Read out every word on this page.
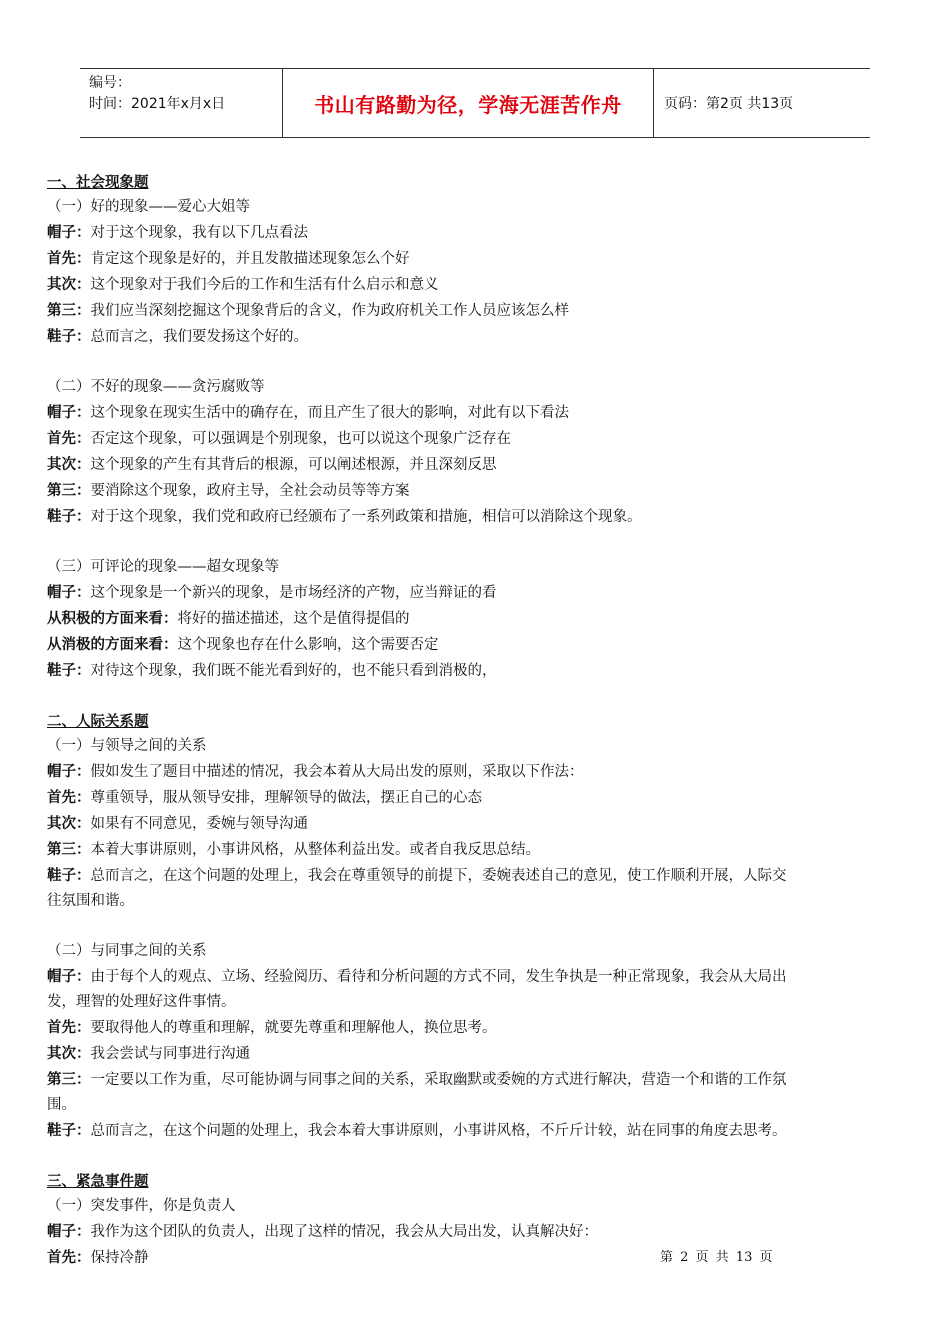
编号：
时间：2021年x月x日	书山有路勤为径，学海无涯苦作舟	页码：第2页 共13页
一、社会现象题
（一）好的现象——爱心大姐等
帽子：对于这个现象，我有以下几点看法
首先：肯定这个现象是好的，并且发散描述现象怎么个好
其次：这个现象对于我们今后的工作和生活有什么启示和意义
第三：我们应当深刻挖掘这个现象背后的含义，作为政府机关工作人员应该怎么样
鞋子：总而言之，我们要发扬这个好的。
（二）不好的现象——贪污腐败等
帽子：这个现象在现实生活中的确存在，而且产生了很大的影响，对此有以下看法
首先：否定这个现象，可以强调是个别现象，也可以说这个现象广泛存在
其次：这个现象的产生有其背后的根源，可以阐述根源，并且深刻反思
第三：要消除这个现象，政府主导，全社会动员等等方案
鞋子：对于这个现象，我们党和政府已经颁布了一系列政策和措施，相信可以消除这个现象。
（三）可评论的现象——超女现象等
帽子：这个现象是一个新兴的现象，是市场经济的产物，应当辩证的看
从积极的方面来看：将好的描述描述，这个是值得提倡的
从消极的方面来看：这个现象也存在什么影响，这个需要否定
鞋子：对待这个现象，我们既不能光看到好的，也不能只看到消极的，
二、人际关系题
（一）与领导之间的关系
帽子：假如发生了题目中描述的情况，我会本着从大局出发的原则，采取以下作法：
首先：尊重领导，服从领导安排，理解领导的做法，摆正自己的心态
其次：如果有不同意见，委婉与领导沟通
第三：本着大事讲原则，小事讲风格，从整体利益出发。或者自我反思总结。
鞋子：总而言之，在这个问题的处理上，我会在尊重领导的前提下，委婉表述自己的意见，使工作顺利开展，人际交
往氛围和谐。
（二）与同事之间的关系
帽子：由于每个人的观点、立场、经验阅历、看待和分析问题的方式不同，发生争执是一种正常现象，我会从大局出
发，理智的处理好这件事情。
首先：要取得他人的尊重和理解，就要先尊重和理解他人，换位思考。
其次：我会尝试与同事进行沟通
第三：一定要以工作为重，尽可能协调与同事之间的关系，采取幽默或委婉的方式进行解决，营造一个和谐的工作氛
围。
鞋子：总而言之，在这个问题的处理上，我会本着大事讲原则，小事讲风格，不斤斤计较，站在同事的角度去思考。
三、紧急事件题
（一）突发事件，你是负责人
帽子：我作为这个团队的负责人，出现了这样的情况，我会从大局出发，认真解决好：
首先：保持冷静	第 2 页 共 13 页
